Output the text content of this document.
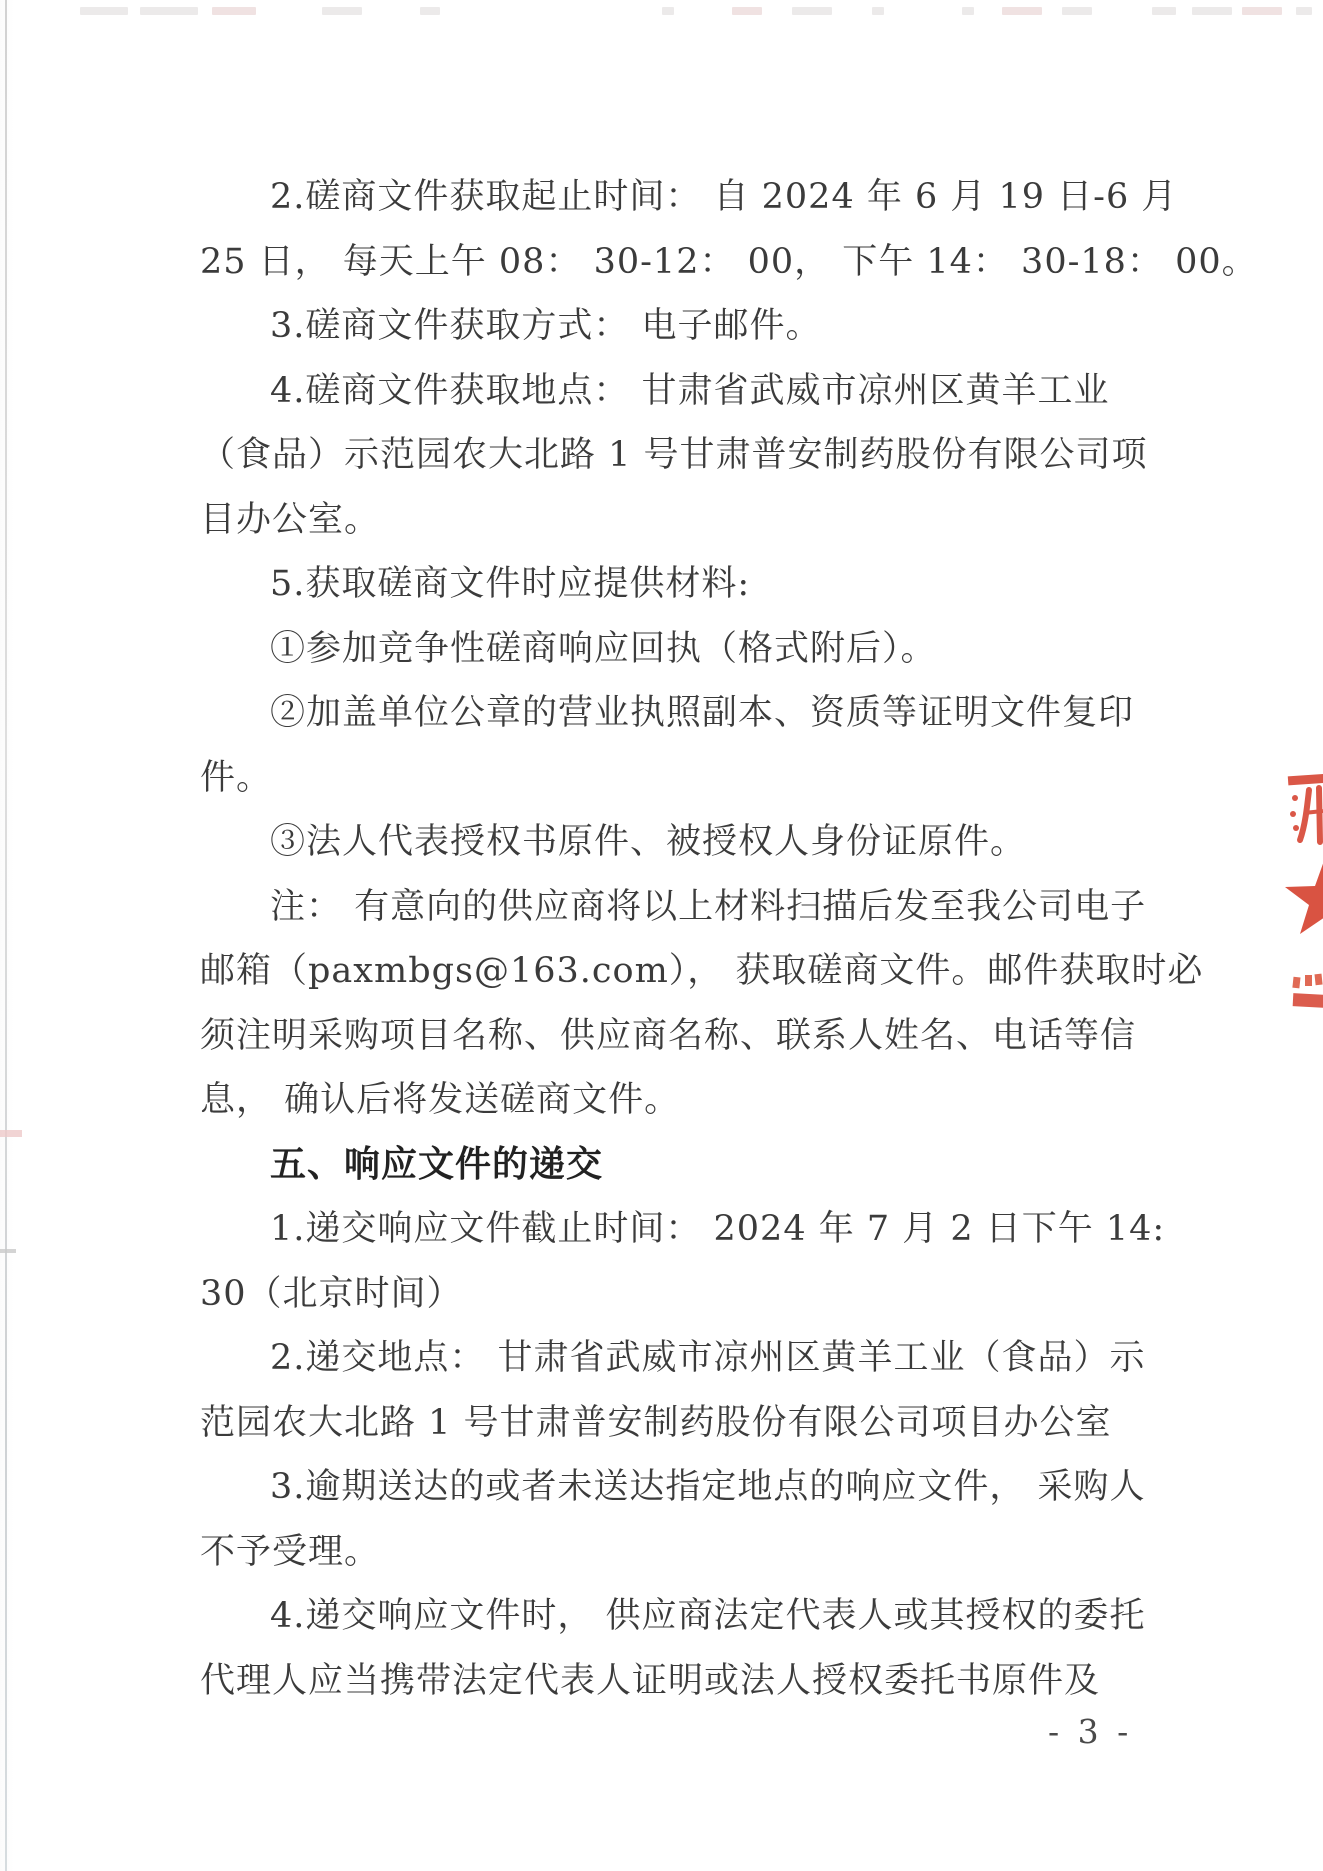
2.磋商文件获取起止时间： 自 2024 年 6 月 19 日-6 月
25 日， 每天上午 08： 30-12： 00， 下午 14： 30-18： 00。
3.磋商文件获取方式： 电子邮件。
4.磋商文件获取地点： 甘肃省武威市凉州区黄羊工业
（食品）示范园农大北路 1 号甘肃普安制药股份有限公司项
目办公室。
5.获取磋商文件时应提供材料:
①参加竞争性磋商响应回执（格式附后）。
②加盖单位公章的营业执照副本、资质等证明文件复印
件。
③法人代表授权书原件、被授权人身份证原件。
注： 有意向的供应商将以上材料扫描后发至我公司电子
邮箱（paxmbgs@163.com）， 获取磋商文件。邮件获取时必
须注明采购项目名称、供应商名称、联系人姓名、电话等信
息， 确认后将发送磋商文件。
五、响应文件的递交
1.递交响应文件截止时间： 2024 年 7 月 2 日下午 14:
30（北京时间）
2.递交地点： 甘肃省武威市凉州区黄羊工业（食品）示
范园农大北路 1 号甘肃普安制药股份有限公司项目办公室
3.逾期送达的或者未送达指定地点的响应文件， 采购人
不予受理。
4.递交响应文件时， 供应商法定代表人或其授权的委托
代理人应当携带法定代表人证明或法人授权委托书原件及
- 3 -
